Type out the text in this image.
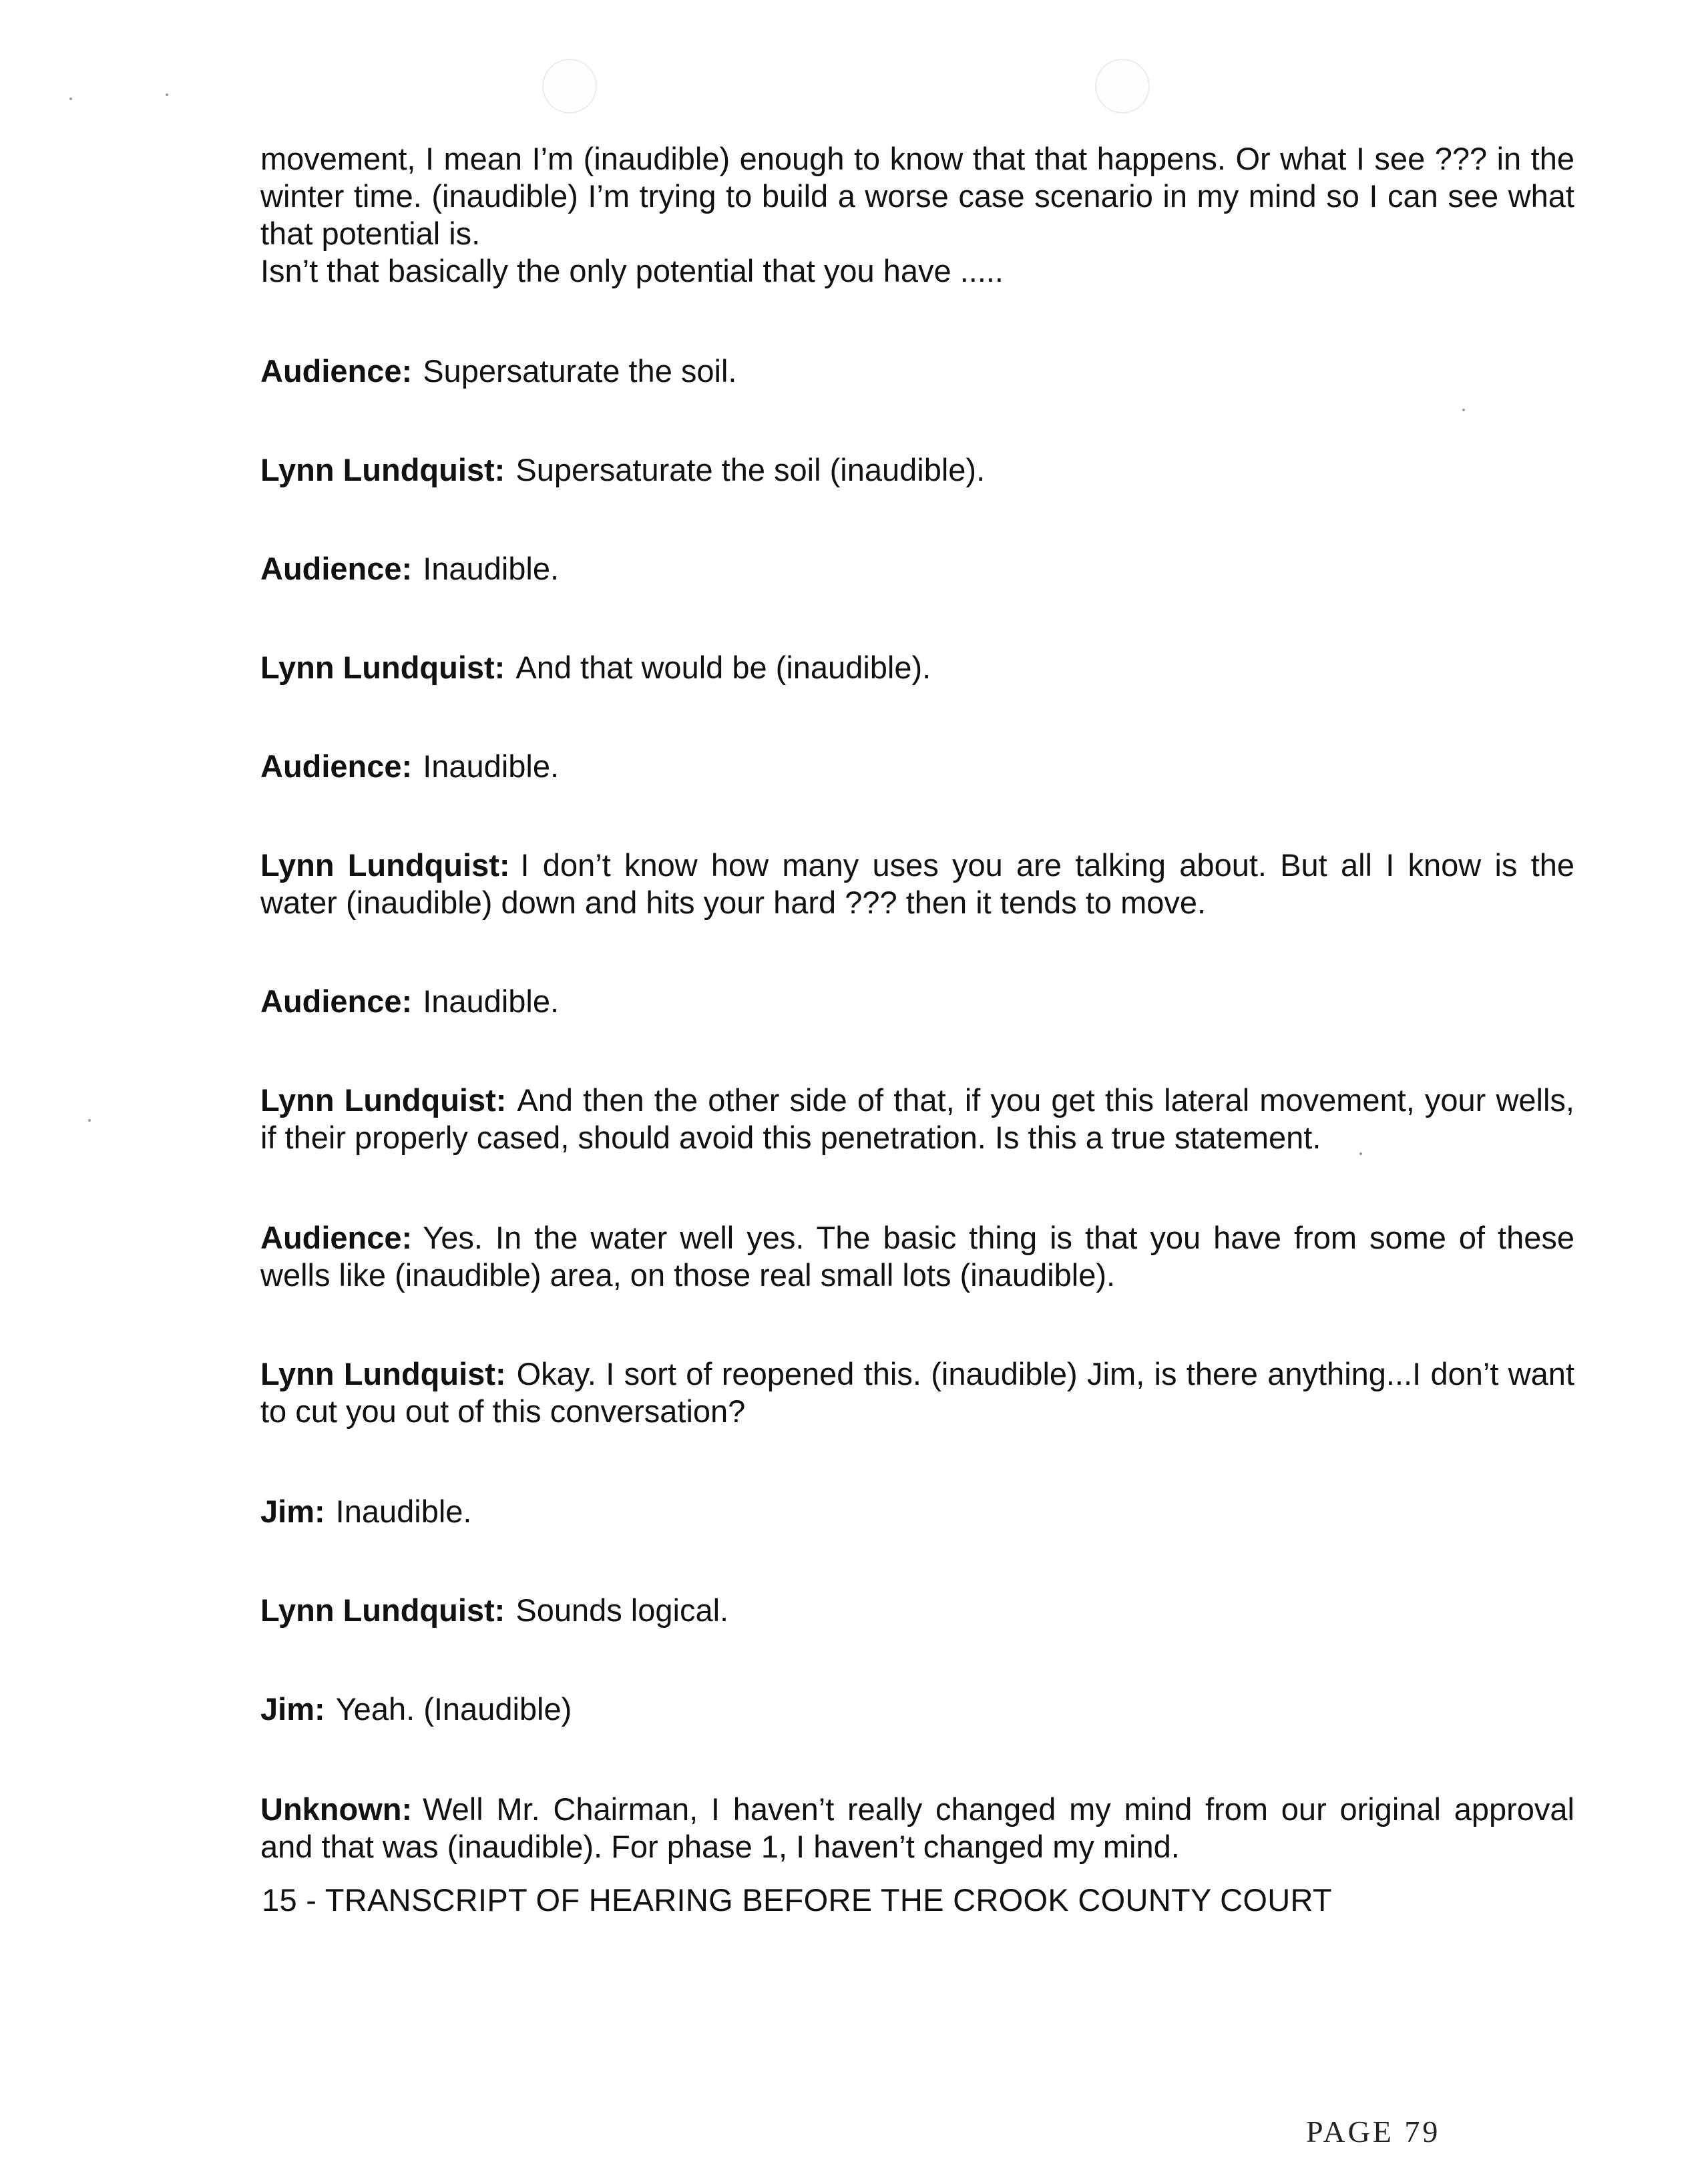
movement, I mean I’m (inaudible) enough to know that that happens. Or what I see ??? in the winter time. (inaudible) I’m trying to build a worse case scenario in my mind so I can see what that potential is.

Isn’t that basically the only potential that you have .....

Audience: Supersaturate the soil.

Lynn Lundquist: Supersaturate the soil (inaudible).

Audience: Inaudible.

Lynn Lundquist: And that would be (inaudible).

Audience: Inaudible.

Lynn Lundquist: I don’t know how many uses you are talking about. But all I know is the water (inaudible) down and hits your hard ??? then it tends to move.

Audience: Inaudible.

Lynn Lundquist: And then the other side of that, if you get this lateral movement, your wells, if their properly cased, should avoid this penetration. Is this a true statement.

Audience: Yes. In the water well yes. The basic thing is that you have from some of these wells like (inaudible) area, on those real small lots (inaudible).

Lynn Lundquist: Okay. I sort of reopened this. (inaudible) Jim, is there anything...I don’t want to cut you out of this conversation?

Jim: Inaudible.

Lynn Lundquist: Sounds logical.

Jim: Yeah. (Inaudible)

Unknown: Well Mr. Chairman, I haven’t really changed my mind from our original approval and that was (inaudible). For phase 1, I haven’t changed my mind.

15 - TRANSCRIPT OF HEARING BEFORE THE CROOK COUNTY COURT
PAGE 79
